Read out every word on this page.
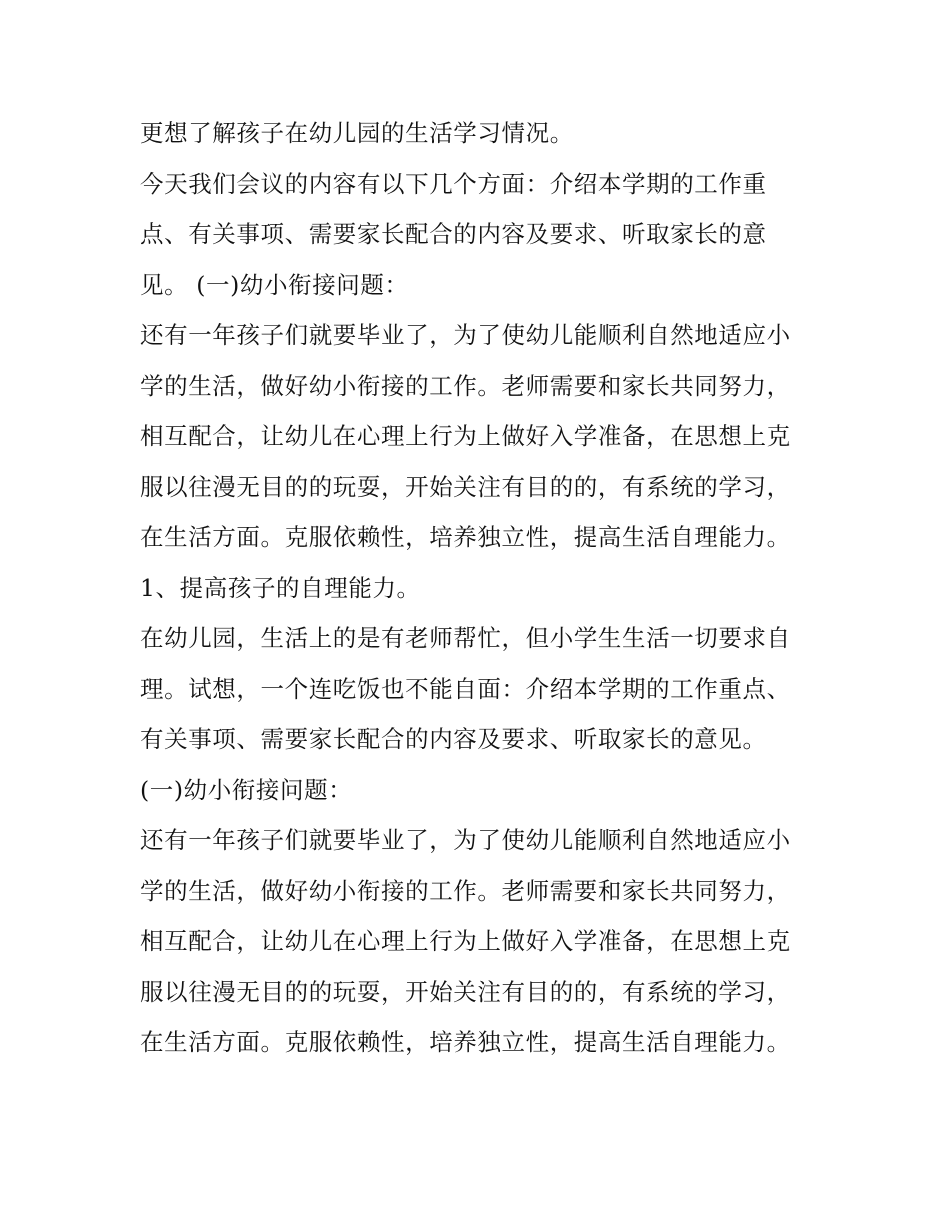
更想了解孩子在幼儿园的生活学习情况。
今天我们会议的内容有以下几个方面：介绍本学期的工作重
点、有关事项、需要家长配合的内容及要求、听取家长的意
见。 (一)幼小衔接问题：
还有一年孩子们就要毕业了，为了使幼儿能顺利自然地适应小
学的生活，做好幼小衔接的工作。老师需要和家长共同努力，
相互配合，让幼儿在心理上行为上做好入学准备，在思想上克
服以往漫无目的的玩耍，开始关注有目的的，有系统的学习，
在生活方面。克服依赖性，培养独立性，提高生活自理能力。
1、提高孩子的自理能力。
在幼儿园，生活上的是有老师帮忙，但小学生生活一切要求自
理。试想，一个连吃饭也不能自面：介绍本学期的工作重点、
有关事项、需要家长配合的内容及要求、听取家长的意见。
(一)幼小衔接问题：
还有一年孩子们就要毕业了，为了使幼儿能顺利自然地适应小
学的生活，做好幼小衔接的工作。老师需要和家长共同努力，
相互配合，让幼儿在心理上行为上做好入学准备，在思想上克
服以往漫无目的的玩耍，开始关注有目的的，有系统的学习，
在生活方面。克服依赖性，培养独立性，提高生活自理能力。
